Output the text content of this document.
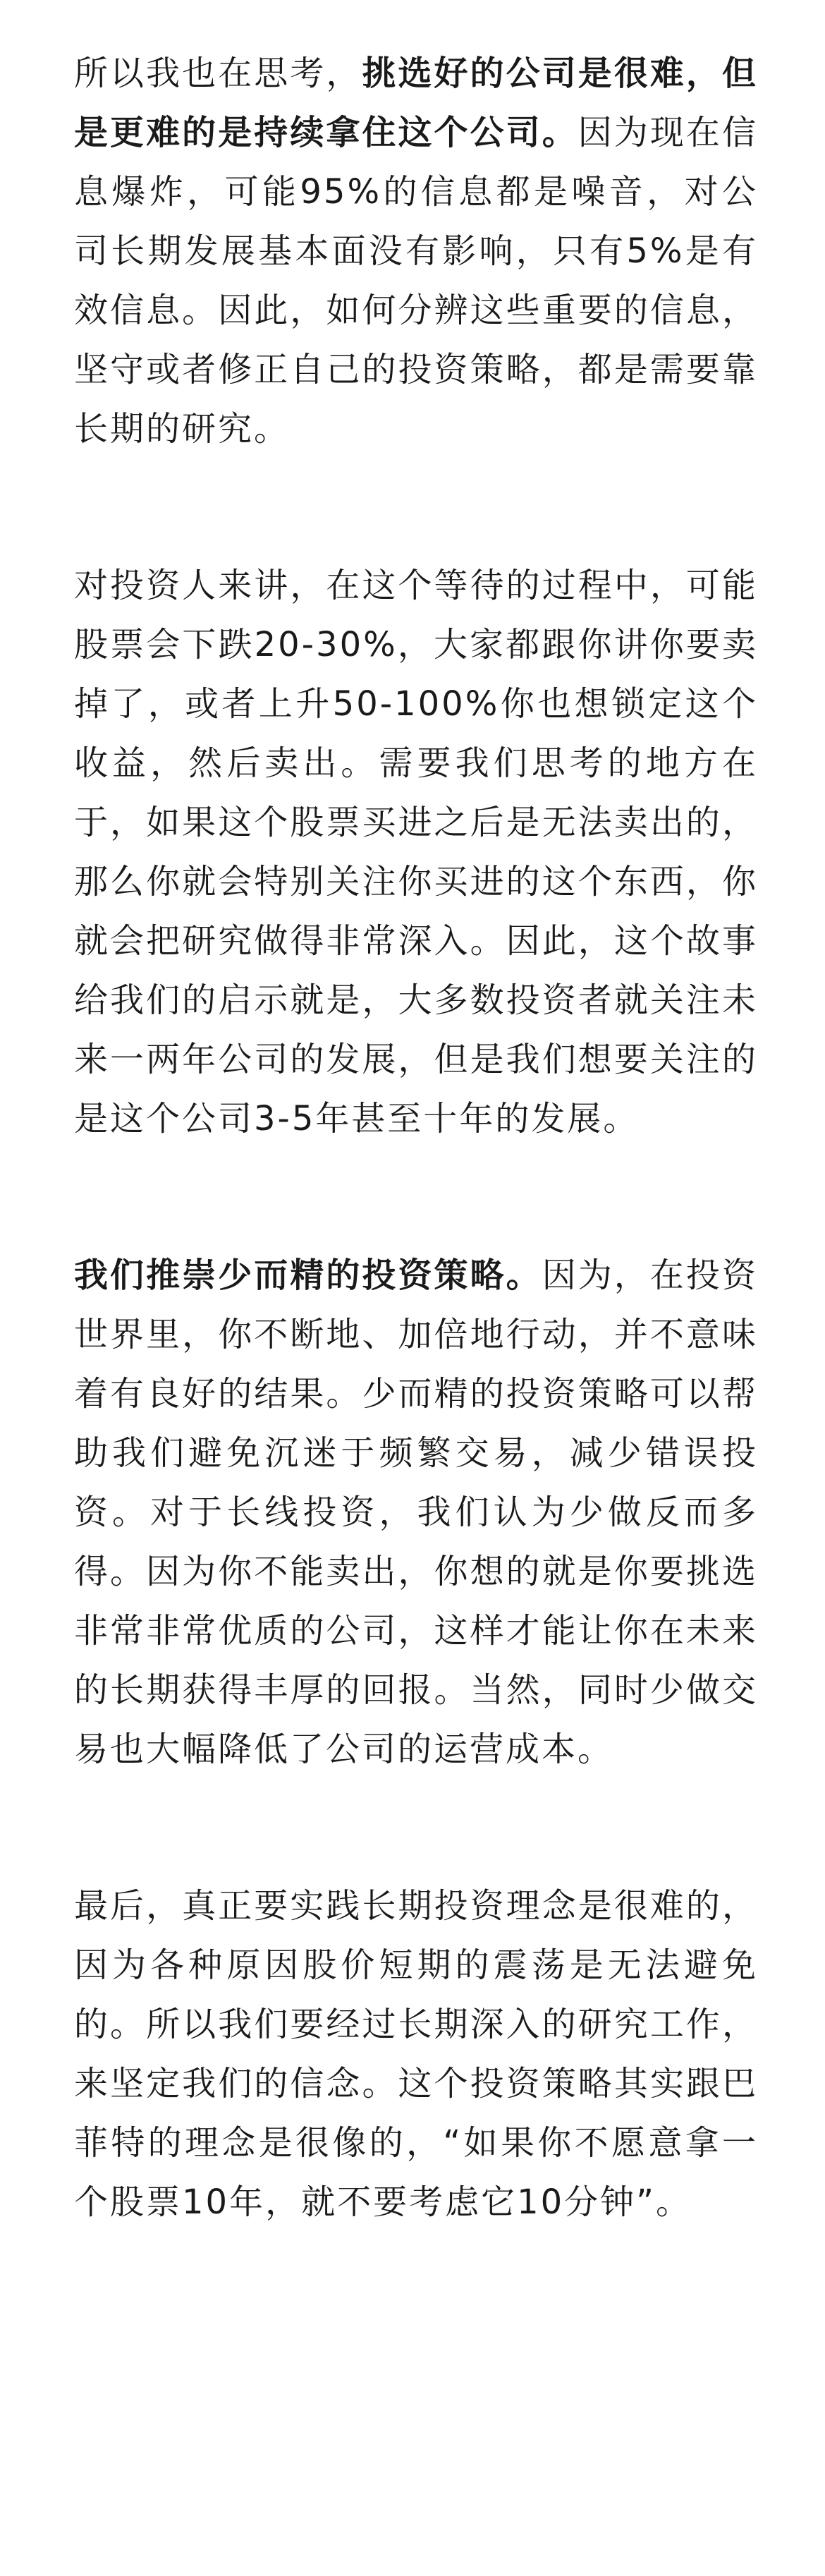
所以我也在思考，挑选好的公司是很难，但是更难的是持续拿住这个公司。因为现在信息爆炸，可能95%的信息都是噪音，对公司长期发展基本面没有影响，只有5%是有效信息。因此，如何分辨这些重要的信息，坚守或者修正自己的投资策略，都是需要靠长期的研究。

对投资人来讲，在这个等待的过程中，可能股票会下跌20-30%，大家都跟你讲你要卖掉了，或者上升50-100%你也想锁定这个收益，然后卖出。需要我们思考的地方在于，如果这个股票买进之后是无法卖出的，那么你就会特别关注你买进的这个东西，你就会把研究做得非常深入。因此，这个故事给我们的启示就是，大多数投资者就关注未来一两年公司的发展，但是我们想要关注的是这个公司3-5年甚至十年的发展。

我们推崇少而精的投资策略。因为，在投资世界里，你不断地、加倍地行动，并不意味着有良好的结果。少而精的投资策略可以帮助我们避免沉迷于频繁交易，减少错误投资。对于长线投资，我们认为少做反而多得。因为你不能卖出，你想的就是你要挑选非常非常优质的公司，这样才能让你在未来的长期获得丰厚的回报。当然，同时少做交易也大幅降低了公司的运营成本。

最后，真正要实践长期投资理念是很难的，因为各种原因股价短期的震荡是无法避免的。所以我们要经过长期深入的研究工作，来坚定我们的信念。这个投资策略其实跟巴菲特的理念是很像的，“如果你不愿意拿一个股票10年，就不要考虑它10分钟”。
